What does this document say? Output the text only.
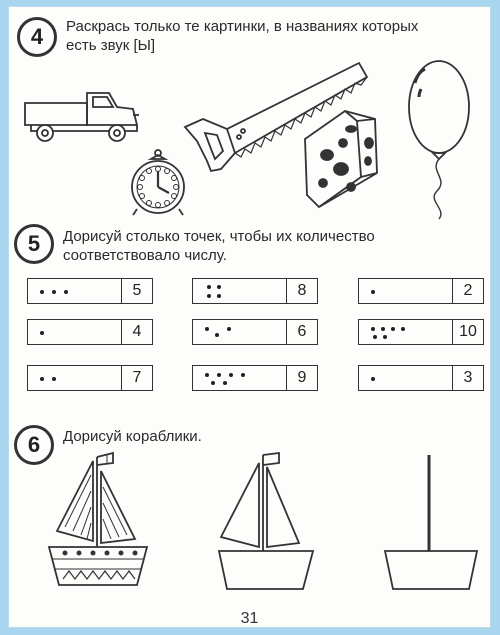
4	Раскрась только те картинки, в названиях которых
есть звук [Ы]
5	Дорисуй столько точек, чтобы их количество
соответствовало числу.
5	8	2
4	6	10
7	9	3
6	Дорисуй кораблики.
31
